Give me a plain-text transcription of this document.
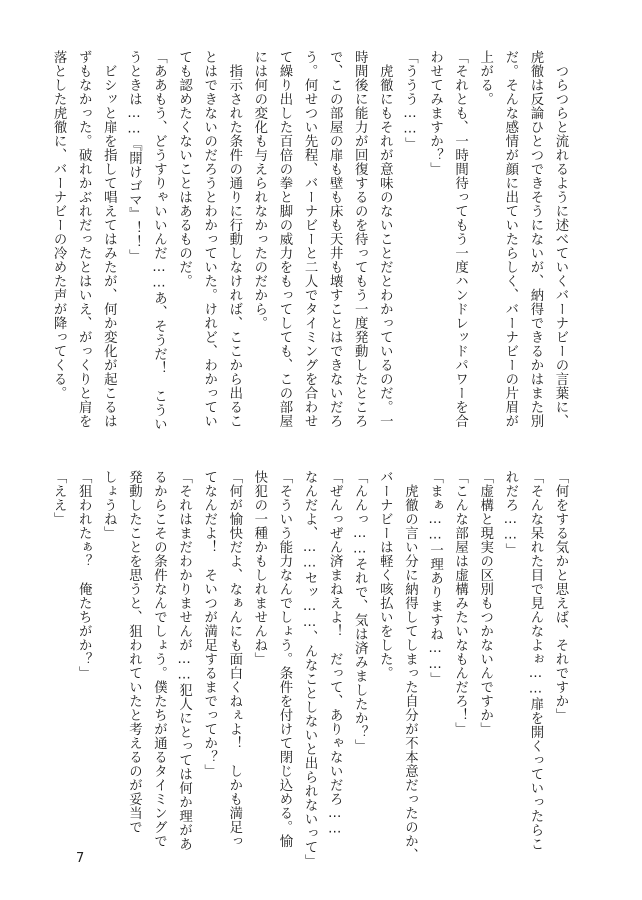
　つらつらと流れるように述べていくバーナビーの言葉に、
虎徹は反論ひとつできそうにないが、納得できるかはまた別
だ。そんな感情が顔に出ていたらしく、バーナビーの片眉が
上がる。
「それとも、一時間待ってもう一度ハンドレッドパワーを合
わせてみますか？」
「ううう……」
　虎徹にもそれが意味のないことだとわかっているのだ。一
時間後に能力が回復するのを待ってもう一度発動したところ
で、この部屋の扉も壁も床も天井も壊すことはできないだろ
う。何せつい先程、バーナビーと二人でタイミングを合わせ
て繰り出した百倍の拳と脚の威力をもってしても、この部屋
には何の変化も与えられなかったのだから。
　指示された条件の通りに行動しなければ、ここから出るこ
とはできないのだろうとわかっていた。けれど、わかってい
ても認めたくないことはあるものだ。
「ああもう、どうすりゃいいんだ……あ、そうだ！　こうい
うときは……『開けゴマ』！！」
　ビシッと扉を指して唱えてはみたが、何か変化が起こるは
ずもなかった。破れかぶれだったとはいえ、がっくりと肩を
落とした虎徹に、バーナビーの冷めた声が降ってくる。
「何をする気かと思えば、それですか」
「そんな呆れた目で見んなよぉ……扉を開くっていったらこ
れだろ……」
「虚構と現実の区別もつかないんですか」
「こんな部屋は虚構みたいなもんだろ！」
「まぁ……一理ありますね……」
　虎徹の言い分に納得してしまった自分が不本意だったのか、
バーナビーは軽く咳払いをした。
「んんっ……それで、気は済みましたか？」
「ぜんっぜん済まねえよ！　だって、ありゃないだろ……
なんだよ、……セッ……、んなことしないと出られないって」
「そういう能力なんでしょう。条件を付けて閉じ込める。愉
快犯の一種かもしれませんね」
「何が愉快だよ、なぁんにも面白くねぇよ！　しかも満足っ
てなんだよ！　そいつが満足するまでってか？」
「それはまだわかりませんが……犯人にとっては何か理があ
るからこその条件なんでしょう。僕たちが通るタイミングで
発動したことを思うと、狙われていたと考えるのが妥当で
しょうね」
「狙われたぁ？　俺たちがか？」
「ええ」
7
